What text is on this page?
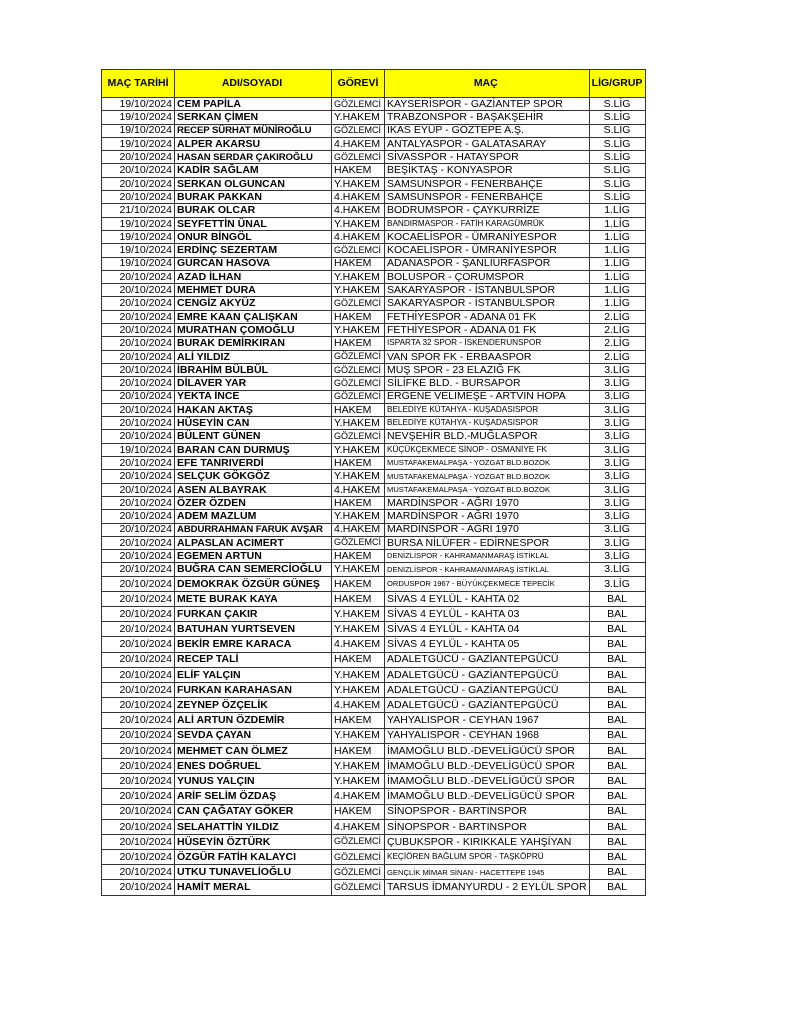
MAÇ TARİHİ	ADI/SOYADI	GÖREVİ	MAÇ	LİG/GRUP
19/10/2024	CEM PAPİLA	GÖZLEMCİ	KAYSERİSPOR - GAZİANTEP SPOR	S.LİG
19/10/2024	SERKAN ÇİMEN	Y.HAKEM	TRABZONSPOR - BAŞAKŞEHİR	S.LİG
19/10/2024	RECEP SÜRHAT MÜNİROĞLU	GÖZLEMCİ	İKAS EYÜP - GÖZTEPE A.Ş.	S.LİG
19/10/2024	ALPER AKARSU	4.HAKEM	ANTALYASPOR - GALATASARAY	S.LİG
20/10/2024	HASAN SERDAR ÇAKIROĞLU	GÖZLEMCİ	SİVASSPOR - HATAYSPOR	S.LİG
20/10/2024	KADİR SAĞLAM	HAKEM	BEŞİKTAŞ - KONYASPOR	S.LİG
20/10/2024	SERKAN OLGUNCAN	Y.HAKEM	SAMSUNSPOR - FENERBAHÇE	S.LİG
20/10/2024	BURAK PAKKAN	4.HAKEM	SAMSUNSPOR - FENERBAHÇE	S.LİG
21/10/2024	BURAK OLCAR	4.HAKEM	BODRUMSPOR - ÇAYKURRİZE	1.LİG
19/10/2024	SEYFETTİN ÜNAL	Y.HAKEM	BANDIRMASPOR - FATİH KARAGÜMRÜK	1.LİG
19/10/2024	ONUR BİNGÖL	4.HAKEM	KOCAELİSPOR - ÜMRANİYESPOR	1.LİG
19/10/2024	ERDİNÇ SEZERTAM	GÖZLEMCİ	KOCAELİSPOR - ÜMRANİYESPOR	1.LİG
19/10/2024	GÜRCAN HASOVA	HAKEM	ADANASPOR - ŞANLIURFASPOR	1.LİG
20/10/2024	AZAD İLHAN	Y.HAKEM	BOLUSPOR - ÇORUMSPOR	1.LİG
20/10/2024	MEHMET DURA	Y.HAKEM	SAKARYASPOR - İSTANBULSPOR	1.LİG
20/10/2024	CENGİZ AKYÜZ	GÖZLEMCİ	SAKARYASPOR - İSTANBULSPOR	1.LİG
20/10/2024	EMRE KAAN ÇALIŞKAN	HAKEM	FETHİYESPOR - ADANA 01 FK	2.LİG
20/10/2024	MURATHAN ÇOMOĞLU	Y.HAKEM	FETHİYESPOR - ADANA 01 FK	2.LİG
20/10/2024	BURAK DEMİRKIRAN	HAKEM	ISPARTA 32 SPOR - İSKENDERUNSPOR	2.LİG
20/10/2024	ALİ YILDIZ	GÖZLEMCİ	VAN SPOR FK - ERBAASPOR	2.LİG
20/10/2024	İBRAHİM BÜLBÜL	GÖZLEMCİ	MUŞ SPOR - 23 ELAZIĞ FK	3.LİG
20/10/2024	DİLAVER YAR	GÖZLEMCİ	SİLİFKE BLD. - BURSAPOR	3.LİG
20/10/2024	YEKTA İNCE	GÖZLEMCİ	ERGENE VELİMEŞE - ARTVİN HOPA	3.LİG
20/10/2024	HAKAN AKTAŞ	HAKEM	BELEDİYE KÜTAHYA - KUŞADASISPOR	3.LİG
20/10/2024	HÜSEYİN CAN	Y.HAKEM	BELEDİYE KÜTAHYA - KUŞADASISPOR	3.LİG
20/10/2024	BÜLENT GÜNEN	GÖZLEMCİ	NEVŞEHİR BLD.-MUĞLASPOR	3.LİG
19/10/2024	BARAN CAN DURMUŞ	Y.HAKEM	KÜÇÜKÇEKMECE SİNOP - OSMANİYE FK	3.LİG
20/10/2024	EFE TANRIVERDİ	HAKEM	MUSTAFAKEMALPAŞA - YOZGAT BLD.BOZOK	3.LİG
20/10/2024	SELÇUK GÖKGÖZ	Y.HAKEM	MUSTAFAKEMALPAŞA - YOZGAT BLD.BOZOK	3.LİG
20/10/2024	ASEN ALBAYRAK	4.HAKEM	MUSTAFAKEMALPAŞA - YOZGAT BLD.BOZOK	3.LİG
20/10/2024	ÖZER ÖZDEN	HAKEM	MARDİNSPOR - AĞRI 1970	3.LİG
20/10/2024	ADEM MAZLUM	Y.HAKEM	MARDİNSPOR - AĞRI 1970	3.LİG
20/10/2024	ABDURRAHMAN FARUK AVŞAR	4.HAKEM	MARDİNSPOR - AĞRI 1970	3.LİG
20/10/2024	ALPASLAN ACIMERT	GÖZLEMCİ	BURSA NİLÜFER - EDİRNESPOR	3.LİG
20/10/2024	EGEMEN ARTUN	HAKEM	DENİZLİSPOR - KAHRAMANMARAŞ İSTİKLAL	3.LİG
20/10/2024	BUĞRA CAN SEMERCİOĞLU	Y.HAKEM	DENİZLİSPOR - KAHRAMANMARAŞ İSTİKLAL	3.LİG
20/10/2024	DEMOKRAK ÖZGÜR GÜNEŞ	HAKEM	ORDUSPOR 1967 - BÜYÜKÇEKMECE TEPECİK	3.LİG
20/10/2024	METE BURAK KAYA	HAKEM	SİVAS 4 EYLÜL - KAHTA 02	BAL
20/10/2024	FURKAN ÇAKIR	Y.HAKEM	SİVAS 4 EYLÜL - KAHTA 03	BAL
20/10/2024	BATUHAN YURTSEVEN	Y.HAKEM	SİVAS 4 EYLÜL - KAHTA 04	BAL
20/10/2024	BEKİR EMRE KARACA	4.HAKEM	SİVAS 4 EYLÜL - KAHTA 05	BAL
20/10/2024	RECEP TALİ	HAKEM	ADALETGÜCÜ - GAZİANTEPGÜCÜ	BAL
20/10/2024	ELİF YALÇIN	Y.HAKEM	ADALETGÜCÜ - GAZİANTEPGÜCÜ	BAL
20/10/2024	FURKAN KARAHASAN	Y.HAKEM	ADALETGÜCÜ - GAZİANTEPGÜCÜ	BAL
20/10/2024	ZEYNEP ÖZÇELİK	4.HAKEM	ADALETGÜCÜ - GAZİANTEPGÜCÜ	BAL
20/10/2024	ALİ ARTUN ÖZDEMİR	HAKEM	YAHYALISPOR - CEYHAN 1967	BAL
20/10/2024	SEVDA ÇAYAN	Y.HAKEM	YAHYALISPOR - CEYHAN 1968	BAL
20/10/2024	MEHMET CAN ÖLMEZ	HAKEM	İMAMOĞLU BLD.-DEVELİGÜCÜ SPOR	BAL
20/10/2024	ENES DOĞRUEL	Y.HAKEM	İMAMOĞLU BLD.-DEVELİGÜCÜ SPOR	BAL
20/10/2024	YUNUS YALÇIN	Y.HAKEM	İMAMOĞLU BLD.-DEVELİGÜCÜ SPOR	BAL
20/10/2024	ARİF SELİM ÖZDAŞ	4.HAKEM	İMAMOĞLU BLD.-DEVELİGÜCÜ SPOR	BAL
20/10/2024	CAN ÇAĞATAY GÖKER	HAKEM	SİNOPSPOR - BARTINSPOR	BAL
20/10/2024	SELAHATTİN YILDIZ	4.HAKEM	SİNOPSPOR - BARTINSPOR	BAL
20/10/2024	HÜSEYİN ÖZTÜRK	GÖZLEMCİ	ÇUBUKSPOR - KIRIKKALE YAHŞİYAN	BAL
20/10/2024	ÖZGÜR FATİH KALAYCI	GÖZLEMCİ	KEÇİÖREN BAĞLUM SPOR - TAŞKÖPRÜ	BAL
20/10/2024	UTKU TUNAVELİOĞLU	GÖZLEMCİ	GENÇLİK MİMAR SİNAN - HACETTEPE 1945	BAL
20/10/2024	HAMİT MERAL	GÖZLEMCİ	TARSUS İDMANYURDU - 2 EYLÜL SPOR	BAL
